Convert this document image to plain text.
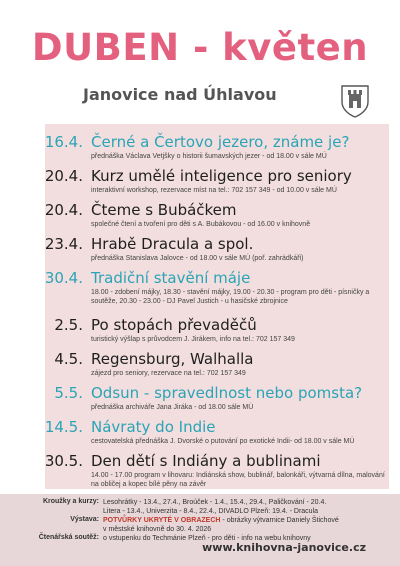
DUBEN - květen
Janovice nad Úhlavou
16.4. Černé a Čertovo jezero, známe je?
přednáška Václava Vetjšky o historii šumavských jezer - od 18.00 v sále MÚ
20.4. Kurz umělé inteligence pro seniory
interaktivní workshop, rezervace míst na tel.: 702 157 349 - od 10.00 v sále MÚ
20.4. Čteme s Bubáčkem
společné čtení a tvoření pro děti s A. Bubákovou - od 16.00 v knihovně
23.4. Hrabě Dracula a spol.
přednáška Stanislava Jalovce - od 18.00 v sále MÚ (poř. zahrádkáři)
30.4. Tradiční stavění máje
18.00 - zdobení májky, 18.30 - stavění májky, 19.00 - 20.30 - program pro děti - písničky a soutěže, 20.30 - 23.00 - DJ Pavel Justich - u hasičské zbrojnice
2.5. Po stopách převaděčů
turistický výšlap s průvodcem J. Jirákem, info na tel.: 702 157 349
4.5. Regensburg, Walhalla
zájezd pro seniory, rezervace na tel.: 702 157 349
5.5. Odsun - spravedlnost nebo pomsta?
přednáška archiváře Jana Jiráka - od 18.00 sále MÚ
14.5. Návraty do Indie
cestovatelská přednáška J. Dvorské o putování po exotické Indii- od 18.00 v sále MÚ
30.5. Den dětí s Indiány a bublinami
14.00 - 17.00 program v lihovaru: Indiánská show, bublinář, balonkáři, výtvarná dílna, malování na obličej a kopec bílé pěny na závěr
Kroužky a kurzy: Lesohrátky - 13.4., 27.4., Broúček - 1.4., 15.4., 29.4., Paličkování - 20.4.
Litera - 13.4., Univerzita - 8.4., 22.4., DIVADLO Plzeň: 19.4. - Dracula
Výstava: POTVŮRKY UKRYTÉ V OBRAZECH - obrázky výtvarnice Daniely Štichové
v městské knihovně do 30. 4. 2026
Čtenářská soutěž: o vstupenku do Techmánie Plzeň - pro děti - info na webu knihovny
www.knihovna-janovice.cz
